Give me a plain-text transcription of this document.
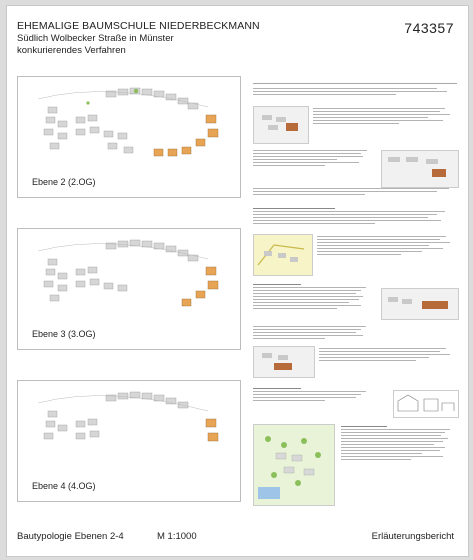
EHEMALIGE BAUMSCHULE NIEDERBECKMANN
Südlich Wolbecker Straße in Münster
konkurierendes Verfahren
743357
Ebene 2 (2.OG)
Ebene 3 (3.OG)
Ebene 4 (4.OG)
Bautypologie Ebenen 2-4	M 1:1000	Erläuterungsbericht
